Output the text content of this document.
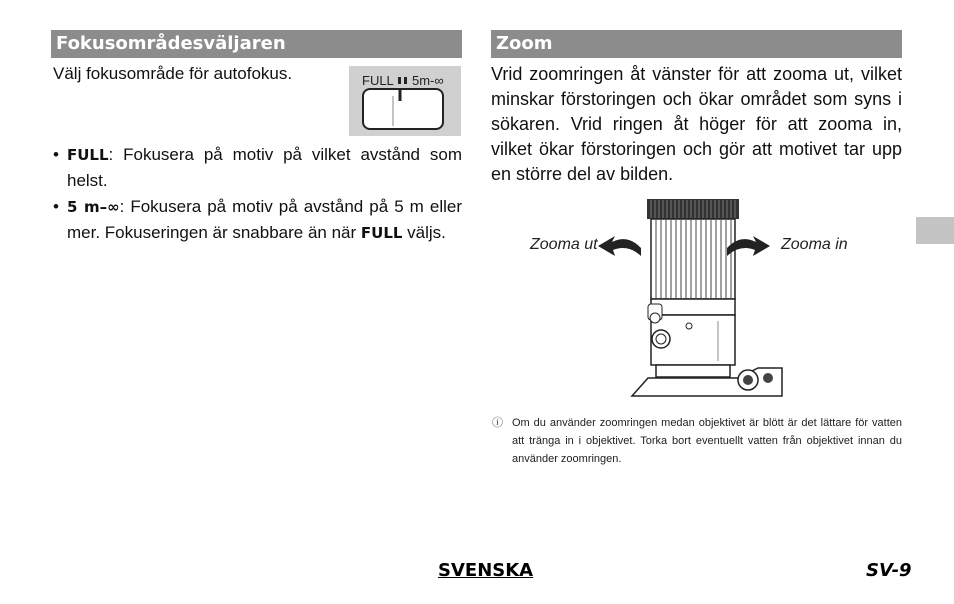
Fokusområdesväljaren	Zoom
Välj fokusområde för autofokus.	FULL 5m-∞
• FULL: Fokusera på motiv på vilket avstånd som helst.
• 5 m–∞: Fokusera på motiv på avstånd på 5 m eller mer. Fokuseringen är snabbare än när FULL väljs.
Vrid zoomringen åt vänster för att zooma ut, vilket minskar förstoringen och ökar området som syns i sökaren. Vrid ringen åt höger för att zooma in, vilket ökar förstoringen och gör att motivet tar upp en större del av bilden.
Zooma ut	Zooma in
ⓘ Om du använder zoomringen medan objektivet är blött är det lättare för vatten att tränga in i objektivet. Torka bort eventuellt vatten från objektivet innan du använder zoomringen.
SVENSKA	SV-9
